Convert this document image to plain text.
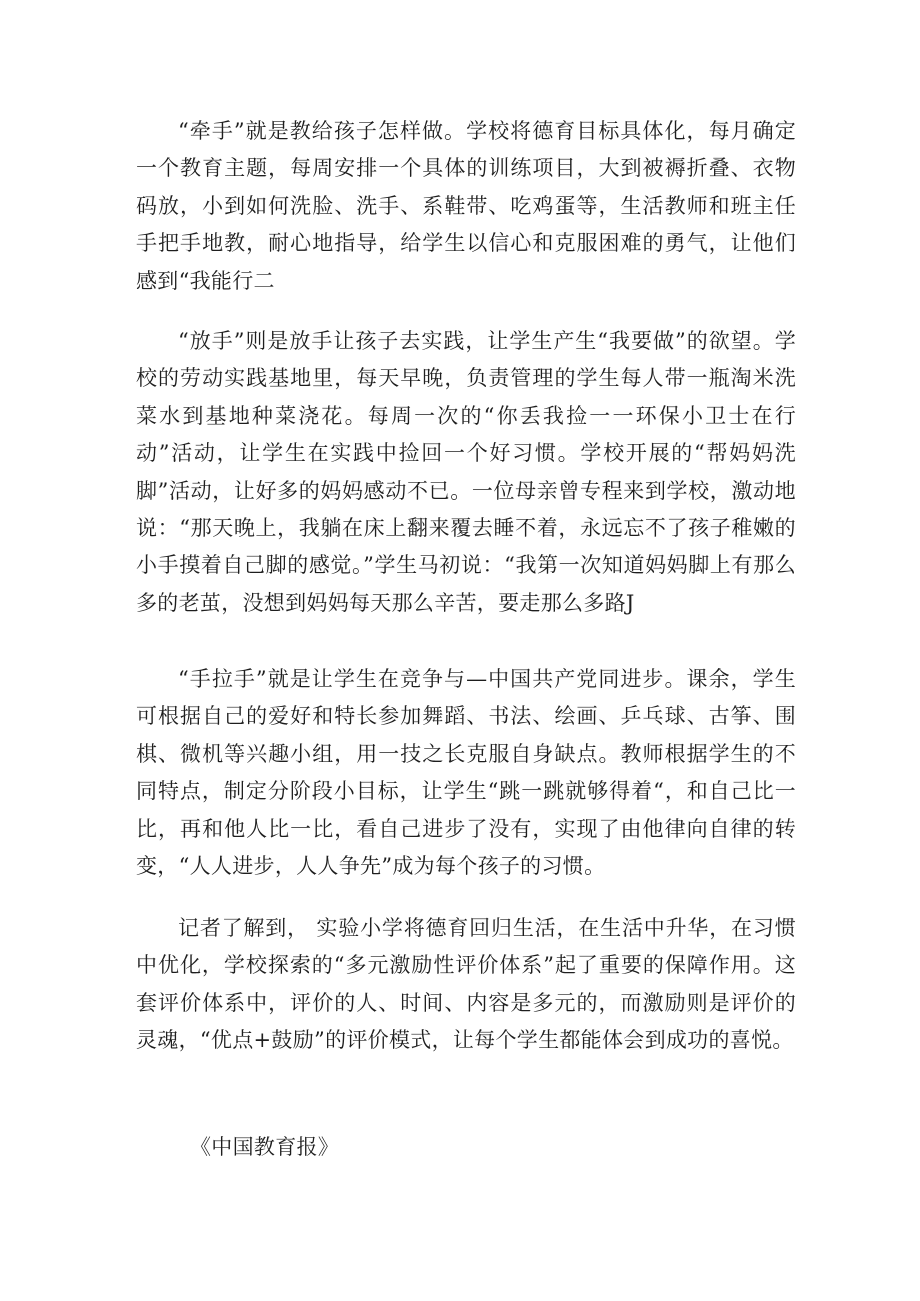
“牵手”就是教给孩子怎样做。学校将德育目标具体化，每月确定一个教育主题，每周安排一个具体的训练项目，大到被褥折叠、衣物码放，小到如何洗脸、洗手、系鞋带、吃鸡蛋等，生活教师和班主任手把手地教，耐心地指导，给学生以信心和克服困难的勇气，让他们感到“我能行二

“放手”则是放手让孩子去实践，让学生产生“我要做”的欲望。学校的劳动实践基地里，每天早晚，负责管理的学生每人带一瓶淘米洗菜水到基地种菜浇花。每周一次的“你丢我捡一一环保小卫士在行动”活动，让学生在实践中捡回一个好习惯。学校开展的“帮妈妈洗脚”活动，让好多的妈妈感动不已。一位母亲曾专程来到学校，激动地说：“那天晚上，我躺在床上翻来覆去睡不着，永远忘不了孩子稚嫩的小手摸着自己脚的感觉。”学生马初说：“我第一次知道妈妈脚上有那么多的老茧，没想到妈妈每天那么辛苦，要走那么多路J

“手拉手”就是让学生在竞争与—中国共产党同进步。课余，学生可根据自己的爱好和特长参加舞蹈、书法、绘画、乒乓球、古筝、围棋、微机等兴趣小组，用一技之长克服自身缺点。教师根据学生的不同特点，制定分阶段小目标，让学生“跳一跳就够得着“，和自己比一比，再和他人比一比，看自己进步了没有，实现了由他律向自律的转变，“人人进步，人人争先”成为每个孩子的习惯。

记者了解到， 实验小学将德育回归生活，在生活中升华，在习惯中优化，学校探索的“多元激励性评价体系”起了重要的保障作用。这套评价体系中，评价的人、时间、内容是多元的，而激励则是评价的灵魂，“优点+鼓励”的评价模式，让每个学生都能体会到成功的喜悦。

《中国教育报》
